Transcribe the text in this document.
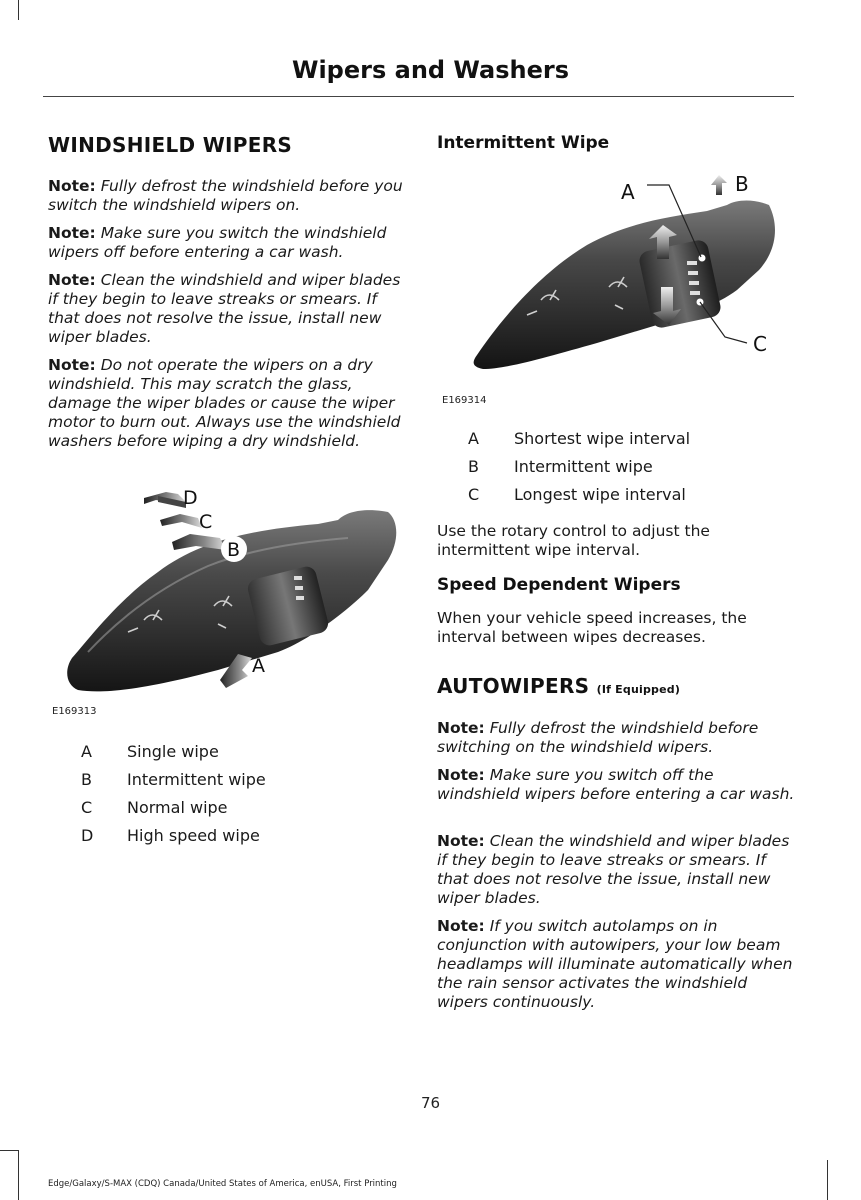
Wipers and Washers
WINDSHIELD WIPERS

Note: Fully defrost the windshield before you switch the windshield wipers on.

Note: Make sure you switch the windshield wipers off before entering a car wash.

Note: Clean the windshield and wiper blades if they begin to leave streaks or smears. If that does not resolve the issue, install new wiper blades.

Note: Do not operate the wipers on a dry windshield. This may scratch the glass, damage the wiper blades or cause the wiper motor to burn out. Always use the windshield washers before wiping a dry windshield.

D
C
B
A
E169313
A Single wipe
B Intermittent wipe
C Normal wipe
D High speed wipe
Intermittent Wipe
A	B
C
E169314
A Shortest wipe interval
B Intermittent wipe
C Longest wipe interval

Use the rotary control to adjust the intermittent wipe interval.

Speed Dependent Wipers

When your vehicle speed increases, the interval between wipes decreases.

AUTOWIPERS (If Equipped)

Note: Fully defrost the windshield before switching on the windshield wipers.

Note: Make sure you switch off the windshield wipers before entering a car wash.

Note: Clean the windshield and wiper blades if they begin to leave streaks or smears. If that does not resolve the issue, install new wiper blades.

Note: If you switch autolamps on in conjunction with autowipers, your low beam headlamps will illuminate automatically when the rain sensor activates the windshield wipers continuously.

76
Edge/Galaxy/S-MAX (CDQ) Canada/United States of America, enUSA, First Printing
